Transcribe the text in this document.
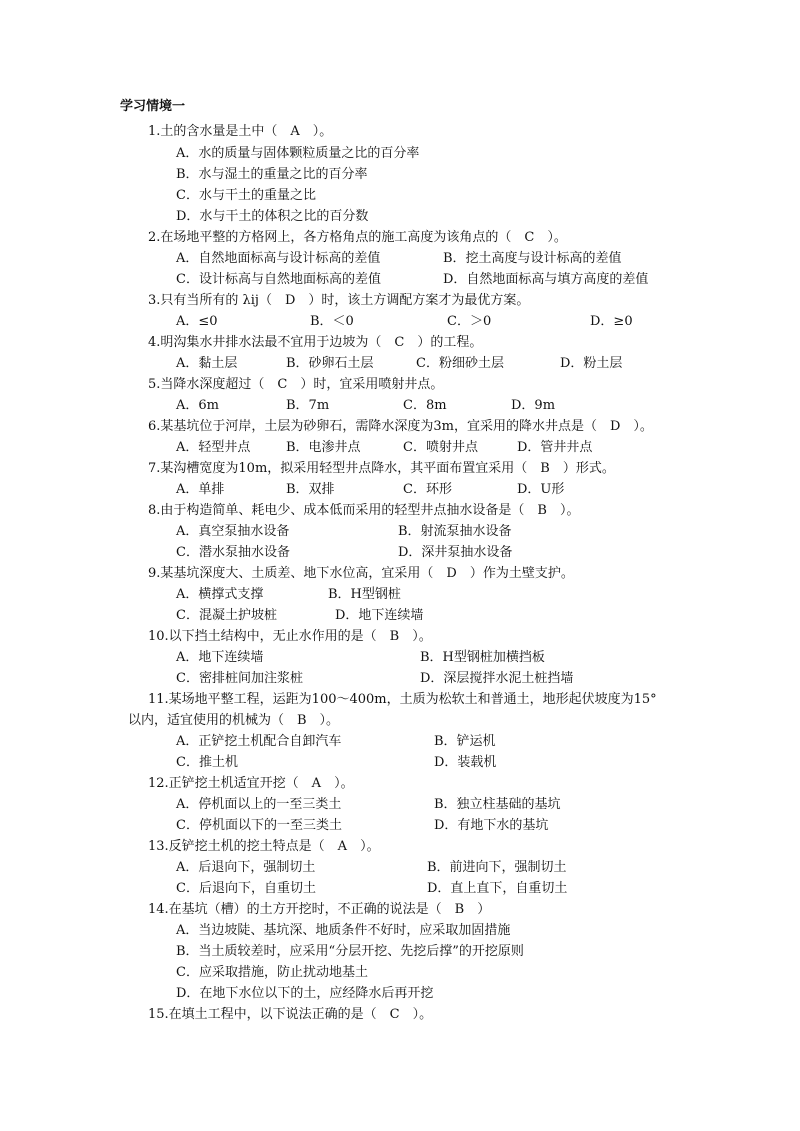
学习情境一
1.土的含水量是土中（　A　）。
A．水的质量与固体颗粒质量之比的百分率
B．水与湿土的重量之比的百分率
C．水与干土的重量之比
D．水与干土的体积之比的百分数
2.在场地平整的方格网上，各方格角点的施工高度为该角点的（　C　）。
A．自然地面标高与设计标高的差值	B．挖土高度与设计标高的差值
C．设计标高与自然地面标高的差值	D．自然地面标高与填方高度的差值
3.只有当所有的 λij（　D　）时，该土方调配方案才为最优方案。
A．≤0	B．＜0	C．＞0	D．≥0
4.明沟集水井排水法最不宜用于边坡为（　C　）的工程。
A．黏土层	B．砂卵石土层	C．粉细砂土层	D．粉土层
5.当降水深度超过（　C　）时，宜采用喷射井点。
A．6m	B．7m	C．8m	D．9m
6.某基坑位于河岸，土层为砂卵石，需降水深度为3m，宜采用的降水井点是（　D　）。
A．轻型井点	B．电渗井点	C．喷射井点	D．管井井点
7.某沟槽宽度为10m，拟采用轻型井点降水，其平面布置宜采用（　B　）形式。
A．单排	B．双排	C．环形	D．U形
8.由于构造简单、耗电少、成本低而采用的轻型井点抽水设备是（　B　）。
A．真空泵抽水设备	B．射流泵抽水设备
C．潜水泵抽水设备	D．深井泵抽水设备
9.某基坑深度大、土质差、地下水位高，宜采用（　D　）作为土壁支护。
A．横撑式支撑	B．H型钢桩
C．混凝土护坡桩	D．地下连续墙
10.以下挡土结构中，无止水作用的是（　B　）。
A．地下连续墙	B．H型钢桩加横挡板
C．密排桩间加注浆桩	D．深层搅拌水泥土桩挡墙
11.某场地平整工程，运距为100～400m，土质为松软土和普通土，地形起伏坡度为15°
以内，适宜使用的机械为（　B　）。
A．正铲挖土机配合自卸汽车	B．铲运机
C．推土机	D．装载机
12.正铲挖土机适宜开挖（　A　）。
A．停机面以上的一至三类土	B．独立柱基础的基坑
C．停机面以下的一至三类土	D．有地下水的基坑
13.反铲挖土机的挖土特点是（　A　）。
A．后退向下，强制切土	B．前进向下，强制切土
C．后退向下，自重切土	D．直上直下，自重切土
14.在基坑（槽）的土方开挖时，不正确的说法是（　B　）
A．当边坡陡、基坑深、地质条件不好时，应采取加固措施
B．当土质较差时，应采用“分层开挖、先挖后撑”的开挖原则
C．应采取措施，防止扰动地基土
D．在地下水位以下的土，应经降水后再开挖
15.在填土工程中，以下说法正确的是（　C　）。
